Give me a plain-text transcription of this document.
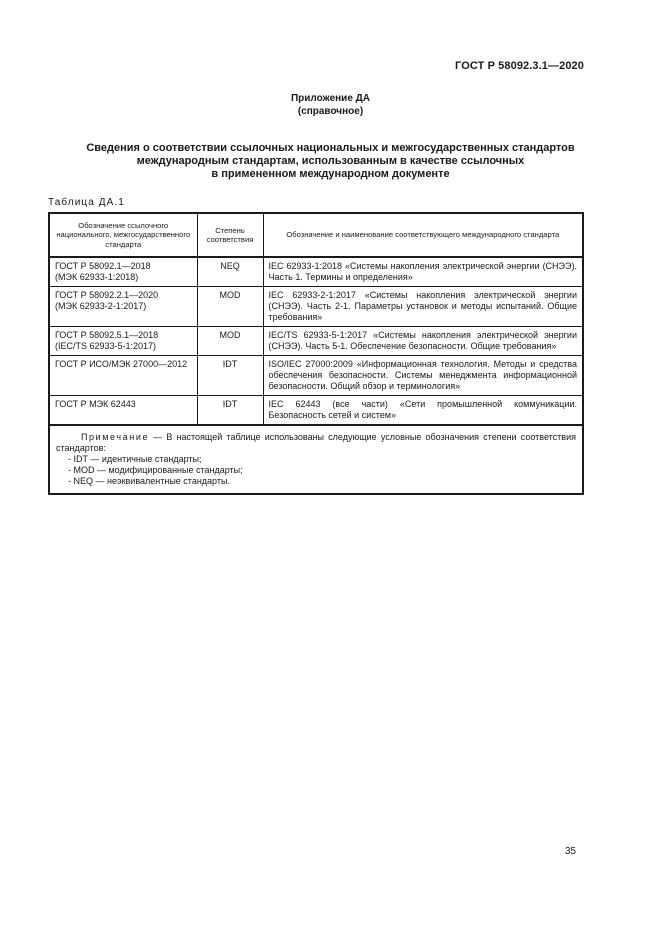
ГОСТ Р 58092.3.1—2020
Приложение ДА
(справочное)
Сведения о соответствии ссылочных национальных и межгосударственных стандартов
международным стандартам, использованным в качестве ссылочных
в примененном международном документе
Таблица ДА.1
Обозначение ссылочного национального, межгосударственного стандарта	Степень соответствия	Обозначение и наименование соответствующего международного стандарта

ГОСТ Р 58092.1—2018
(МЭК 62933-1:2018)	NEQ	IEC 62933-1:2018 «Системы накопления электрической энергии (СНЭЭ). Часть 1. Термины и определения»

ГОСТ Р 58092.2.1—2020
(МЭК 62933-2-1:2017)	MOD	IEC 62933-2-1:2017 «Системы накопления электрической энергии (СНЭЭ). Часть 2-1. Параметры установок и методы испытаний. Общие требования»

ГОСТ Р 58092.5.1—2018
(IEC/TS 62933-5-1:2017)	MOD	IEC/TS 62933-5-1:2017 «Системы накопления электрической энергии (СНЭЭ). Часть 5-1. Обеспечение безопасности. Общие требования»

ГОСТ Р ИСО/МЭК 27000—2012	IDT	ISO/IEC 27000:2009 «Информационная технология. Методы и средства обеспечения безопасности. Системы менеджмента информационной безопасности. Общий обзор и терминология»

ГОСТ Р МЭК 62443	IDT	IEC 62443 (все части) «Сети промышленной коммуникации. Безопасность сетей и систем»

Примечание — В настоящей таблице использованы следующие условные обозначения степени соответствия стандартов:
- IDT — идентичные стандарты;
- MOD — модифицированные стандарты;
- NEQ — неэквивалентные стандарты.		
35
